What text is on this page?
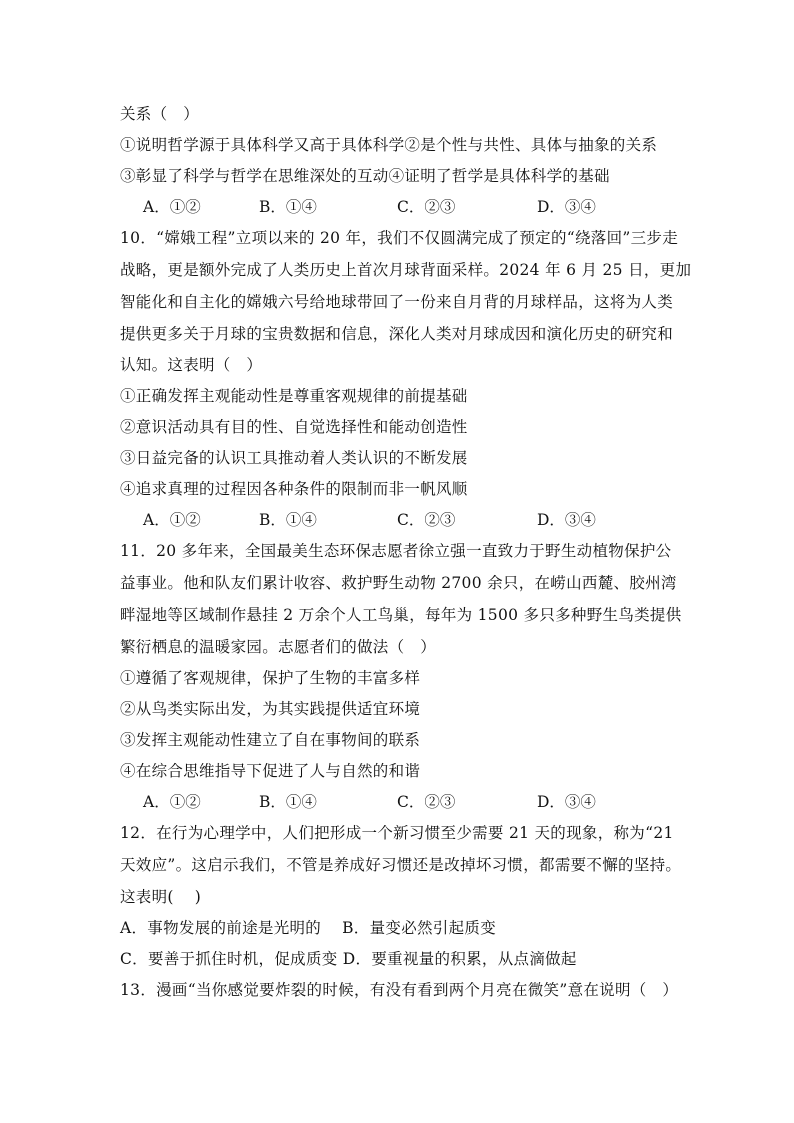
关系（　）
①说明哲学源于具体科学又高于具体科学②是个性与共性、具体与抽象的关系
③彰显了科学与哲学在思维深处的互动④证明了哲学是具体科学的基础
A．①②	B．①④	C．②③	D．③④
10．“嫦娥工程”立项以来的 20 年，我们不仅圆满完成了预定的“绕落回”三步走
战略，更是额外完成了人类历史上首次月球背面采样。2024 年 6 月 25 日，更加
智能化和自主化的嫦娥六号给地球带回了一份来自月背的月球样品，这将为人类
提供更多关于月球的宝贵数据和信息，深化人类对月球成因和演化历史的研究和
认知。这表明（　）
①正确发挥主观能动性是尊重客观规律的前提基础
②意识活动具有目的性、自觉选择性和能动创造性
③日益完备的认识工具推动着人类认识的不断发展
④追求真理的过程因各种条件的限制而非一帆风顺
A．①②	B．①④	C．②③	D．③④
11．20 多年来，全国最美生态环保志愿者徐立强一直致力于野生动植物保护公
益事业。他和队友们累计收容、救护野生动物 2700 余只，在崂山西麓、胶州湾
畔湿地等区域制作悬挂 2 万余个人工鸟巢，每年为 1500 多只多种野生鸟类提供
繁衍栖息的温暖家园。志愿者们的做法（　）
①遵循了客观规律，保护了生物的丰富多样
②从鸟类实际出发，为其实践提供适宜环境
③发挥主观能动性建立了自在事物间的联系
④在综合思维指导下促进了人与自然的和谐
A．①②	B．①④	C．②③	D．③④
12．在行为心理学中，人们把形成一个新习惯至少需要 21 天的现象，称为“21
天效应”。这启示我们，不管是养成好习惯还是改掉坏习惯，都需要不懈的坚持。
这表明(　 )
A．事物发展的前途是光明的　 B．量变必然引起质变
C．要善于抓住时机，促成质变 D．要重视量的积累，从点滴做起
13．漫画“当你感觉要炸裂的时候，有没有看到两个月亮在微笑”意在说明（　）
